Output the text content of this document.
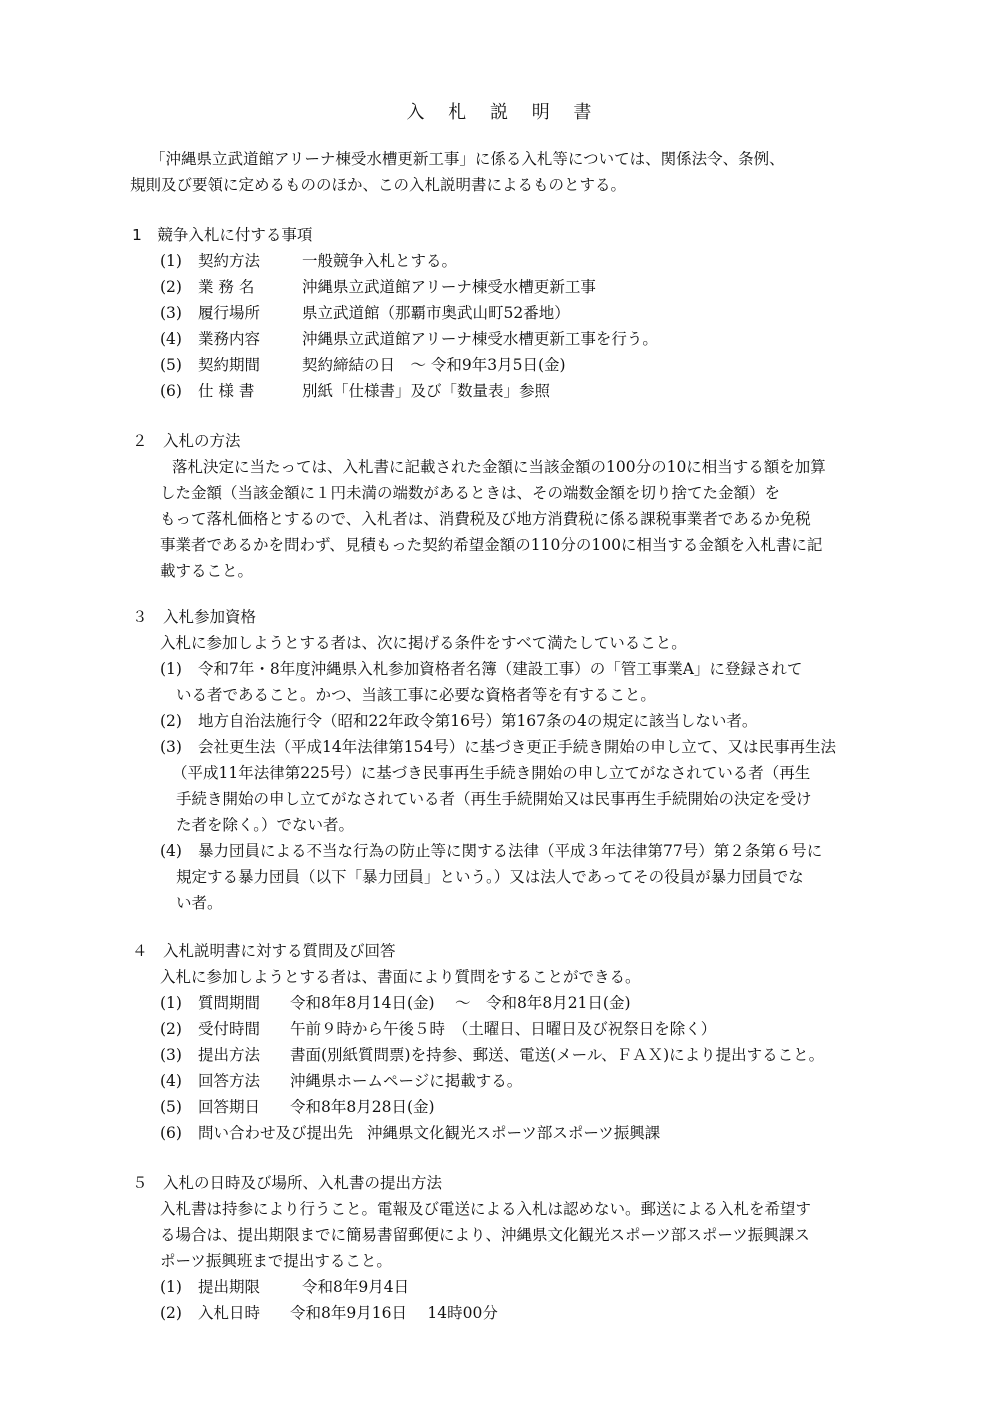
入 札 説 明 書
「沖縄県立武道館アリーナ棟受水槽更新工事」に係る入札等については、関係法令、条例、
規則及び要領に定めるもののほか、この入札説明書によるものとする。
1　競争入札に付する事項
(1) 契約方法	一般競争入札とする。
(2) 業 務 名	沖縄県立武道館アリーナ棟受水槽更新工事
(3) 履行場所	県立武道館（那覇市奥武山町52番地）
(4) 業務内容	沖縄県立武道館アリーナ棟受水槽更新工事を行う。
(5) 契約期間	契約締結の日　～ 令和9年3月5日(金)
(6) 仕 様 書	別紙「仕様書」及び「数量表」参照
２　入札の方法
落札決定に当たっては、入札書に記載された金額に当該金額の100分の10に相当する額を加算
した金額（当該金額に１円未満の端数があるときは、その端数金額を切り捨てた金額）を
もって落札価格とするので、入札者は、消費税及び地方消費税に係る課税事業者であるか免税
事業者であるかを問わず、見積もった契約希望金額の110分の100に相当する金額を入札書に記
載すること。
３　入札参加資格
入札に参加しようとする者は、次に掲げる条件をすべて満たしていること。
(1) 令和7年・8年度沖縄県入札参加資格者名簿（建設工事）の「管工事業A」に登録されて
いる者であること。かつ、当該工事に必要な資格者等を有すること。
(2) 地方自治法施行令（昭和22年政令第16号）第167条の4の規定に該当しない者。
(3) 会社更生法（平成14年法律第154号）に基づき更正手続き開始の申し立て、又は民事再生法
（平成11年法律第225号）に基づき民事再生手続き開始の申し立てがなされている者（再生
手続き開始の申し立てがなされている者（再生手続開始又は民事再生手続開始の決定を受け
た者を除く。）でない者。
(4) 暴力団員による不当な行為の防止等に関する法律（平成３年法律第77号）第２条第６号に
規定する暴力団員（以下「暴力団員」という。）又は法人であってその役員が暴力団員でな
い者。
４　入札説明書に対する質問及び回答
入札に参加しようとする者は、書面により質問をすることができる。
(1) 質問期間 令和8年8月14日(金)　 ～　令和8年8月21日(金)
(2) 受付時間 午前９時から午後５時　（土曜日、日曜日及び祝祭日を除く）
(3) 提出方法 書面(別紙質問票)を持参、郵送、電送(メール、ＦＡＸ)により提出すること。
(4) 回答方法 沖縄県ホームページに掲載する。
(5) 回答期日 令和8年8月28日(金)
(6) 問い合わせ及び提出先 沖縄県文化観光スポーツ部スポーツ振興課
５　入札の日時及び場所、入札書の提出方法
入札書は持参により行うこと。電報及び電送による入札は認めない。郵送による入札を希望す
る場合は、提出期限までに簡易書留郵便により、沖縄県文化観光スポーツ部スポーツ振興課ス
ポーツ振興班まで提出すること。
(1) 提出期限	令和8年9月4日
(2) 入札日時 令和8年9月16日　 14時00分
